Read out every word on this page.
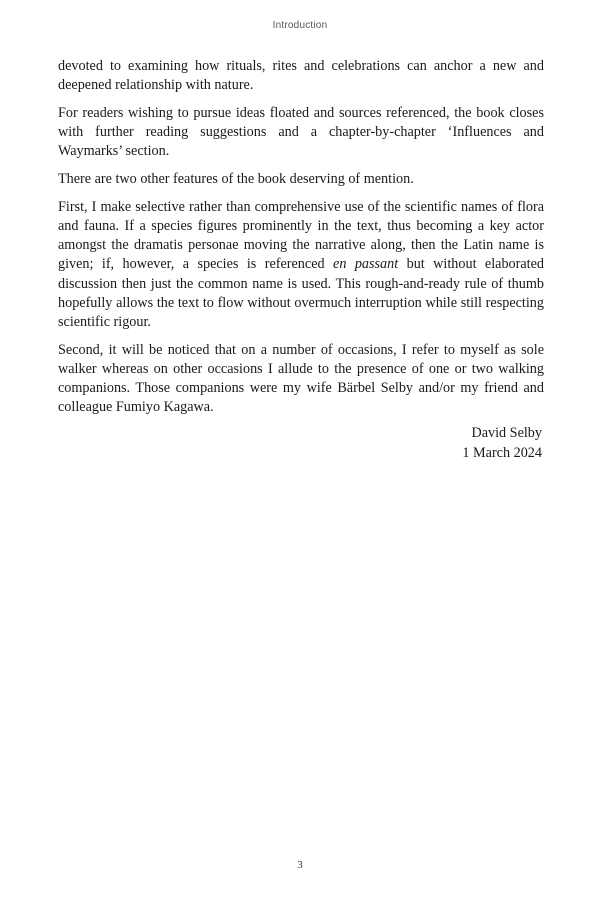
Introduction

devoted to examining how rituals, rites and celebrations can anchor a new and deepened relationship with nature.

For readers wishing to pursue ideas floated and sources referenced, the book closes with further reading suggestions and a chapter-by-chapter ‘Influences and Waymarks’ section.

There are two other features of the book deserving of mention.

First, I make selective rather than comprehensive use of the scientific names of flora and fauna. If a species figures prominently in the text, thus becoming a key actor amongst the dramatis personae moving the narrative along, then the Latin name is given; if, however, a species is referenced en passant but without elaborated discussion then just the common name is used. This rough-and-ready rule of thumb hopefully allows the text to flow without overmuch interruption while still respecting scientific rigour.

Second, it will be noticed that on a number of occasions, I refer to myself as sole walker whereas on other occasions I allude to the presence of one or two walking companions. Those companions were my wife Bärbel Selby and/or my friend and colleague Fumiyo Kagawa.

David Selby
1 March 2024
3
